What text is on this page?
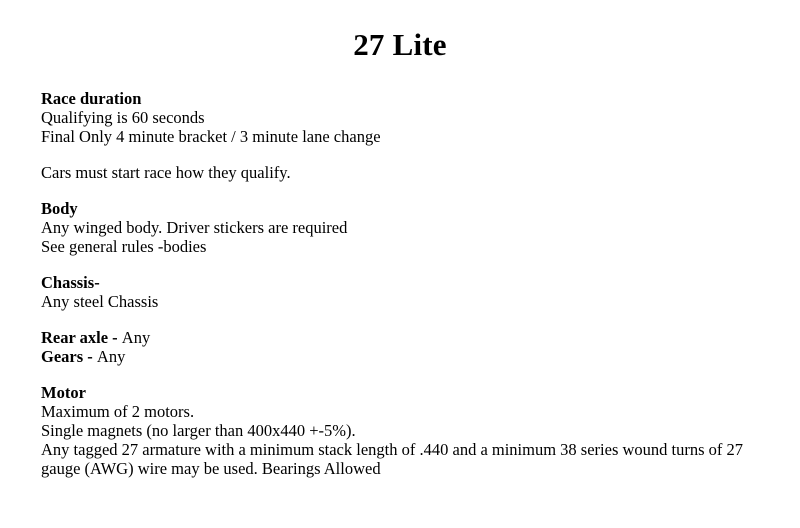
27 Lite

Race duration

Qualifying is 60 seconds

Final Only 4 minute bracket / 3 minute lane change

Cars must start race how they qualify.

Body

Any winged body. Driver stickers are required

See general rules -bodies

Chassis-

Any steel Chassis

Rear axle - Any

Gears - Any

Motor

Maximum of 2 motors.

Single magnets (no larger than 400x440 +-5%).

Any tagged 27 armature with a minimum stack length of .440 and a minimum 38 series wound turns of 27 gauge (AWG) wire may be used. Bearings Allowed
